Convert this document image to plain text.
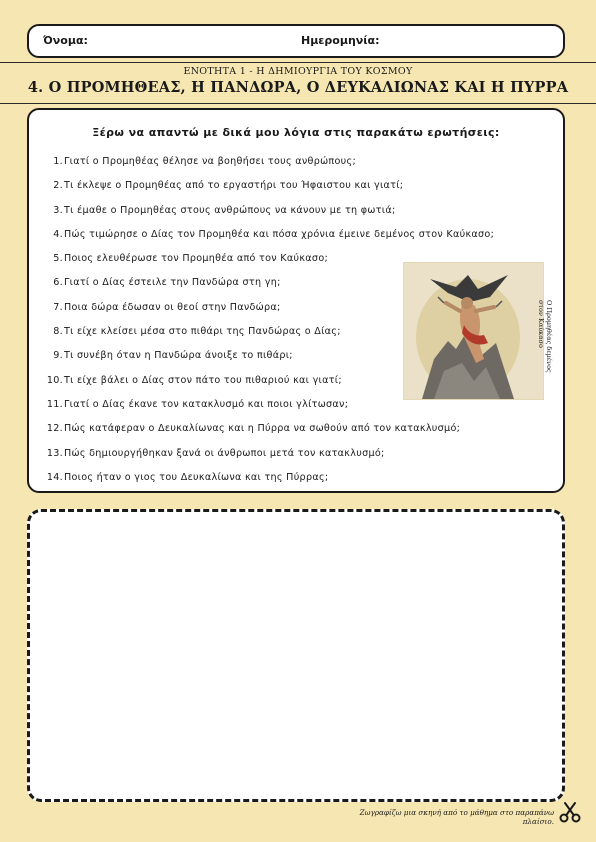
Όνομα:	Ημερομηνία:
ΕΝΟΤΗΤΑ 1 - Η ΔΗΜΙΟΥΡΓΙΑ ΤΟΥ ΚΟΣΜΟΥ
4. Ο ΠΡΟΜΗΘΕΑΣ, Η ΠΑΝΔΩΡΑ, Ο ΔΕΥΚΑΛΙΩΝΑΣ ΚΑΙ Η ΠΥΡΡΑ
Ξέρω να απαντώ με δικά μου λόγια στις παρακάτω ερωτήσεις:
1. Γιατί ο Προμηθέας θέλησε να βοηθήσει τους ανθρώπους;
2. Τι έκλεψε ο Προμηθέας από το εργαστήρι του Ήφαιστου και γιατί;
3. Τι έμαθε ο Προμηθέας στους ανθρώπους να κάνουν με τη φωτιά;
4. Πώς τιμώρησε ο Δίας τον Προμηθέα και πόσα χρόνια έμεινε δεμένος στον Καύκασο;
5. Ποιος ελευθέρωσε τον Προμηθέα από τον Καύκασο;
6. Γιατί ο Δίας έστειλε την Πανδώρα στη γη;
7. Ποια δώρα έδωσαν οι θεοί στην Πανδώρα;
8. Τι είχε κλείσει μέσα στο πιθάρι της Πανδώρας ο Δίας;
9. Τι συνέβη όταν η Πανδώρα άνοιξε το πιθάρι;
10. Τι είχε βάλει ο Δίας στον πάτο του πιθαριού και γιατί;
11. Γιατί ο Δίας έκανε τον κατακλυσμό και ποιοι γλίτωσαν;
12. Πώς κατάφεραν ο Δευκαλίωνας και η Πύρρα να σωθούν από τον κατακλυσμό;
13. Πώς δημιουργήθηκαν ξανά οι άνθρωποι μετά τον κατακλυσμό;
14. Ποιος ήταν ο γιος του Δευκαλίωνα και της Πύρρας;
Ο Προμηθέας δεμένος στον Καύκασο
Ζωγραφίζω μια σκηνή από το μάθημα στο παραπάνω πλαίσιο.
